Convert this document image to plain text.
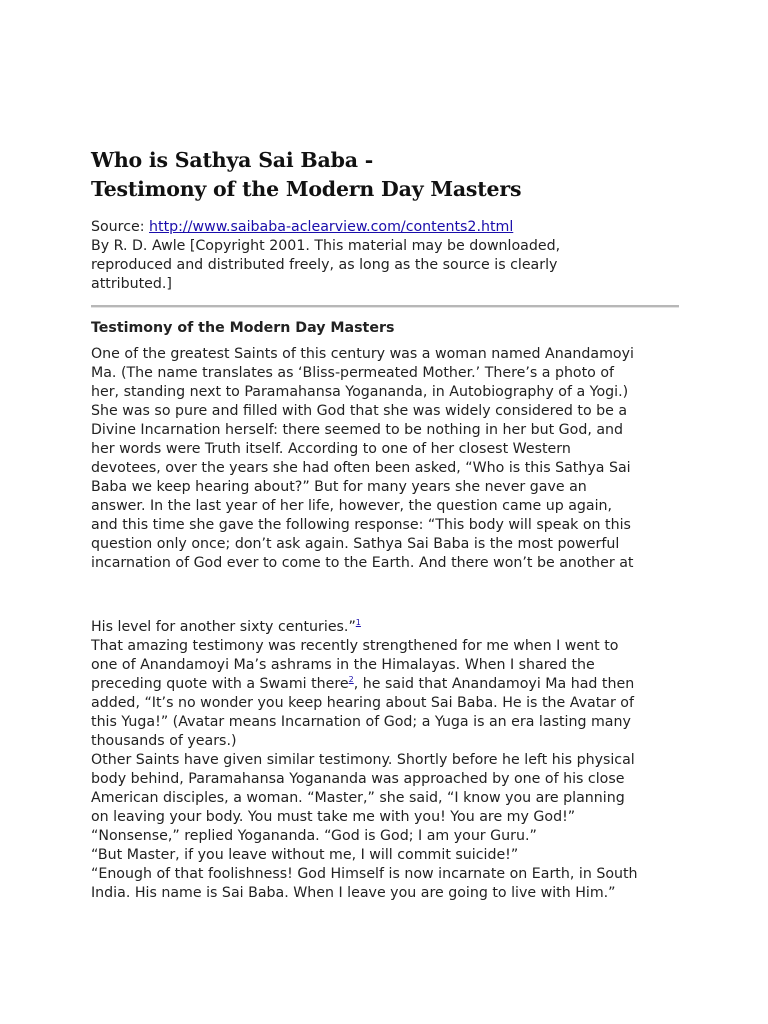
Who is Sathya Sai Baba -
Testimony of the Modern Day Masters
Source: http://www.saibaba-aclearview.com/contents2.html
By R. D. Awle [Copyright 2001. This material may be downloaded,
reproduced and distributed freely, as long as the source is clearly
attributed.]
Testimony of the Modern Day Masters
One of the greatest Saints of this century was a woman named Anandamoyi
Ma. (The name translates as ‘Bliss-permeated Mother.’ There’s a photo of
her, standing next to Paramahansa Yogananda, in Autobiography of a Yogi.)
She was so pure and filled with God that she was widely considered to be a
Divine Incarnation herself: there seemed to be nothing in her but God, and
her words were Truth itself. According to one of her closest Western
devotees, over the years she had often been asked, “Who is this Sathya Sai
Baba we keep hearing about?” But for many years she never gave an
answer. In the last year of her life, however, the question came up again,
and this time she gave the following response: “This body will speak on this
question only once; don’t ask again. Sathya Sai Baba is the most powerful
incarnation of God ever to come to the Earth. And there won’t be another at
His level for another sixty centuries.”$^1$
That amazing testimony was recently strengthened for me when I went to
one of Anandamoyi Ma’s ashrams in the Himalayas. When I shared the
preceding quote with a Swami there$^2$, he said that Anandamoyi Ma had then
added, “It’s no wonder you keep hearing about Sai Baba. He is the Avatar of
this Yuga!” (Avatar means Incarnation of God; a Yuga is an era lasting many
thousands of years.)
Other Saints have given similar testimony. Shortly before he left his physical
body behind, Paramahansa Yogananda was approached by one of his close
American disciples, a woman. “Master,” she said, “I know you are planning
on leaving your body. You must take me with you! You are my God!”
“Nonsense,” replied Yogananda. “God is God; I am your Guru.”
“But Master, if you leave without me, I will commit suicide!”
“Enough of that foolishness! God Himself is now incarnate on Earth, in South
India. His name is Sai Baba. When I leave you are going to live with Him.”
